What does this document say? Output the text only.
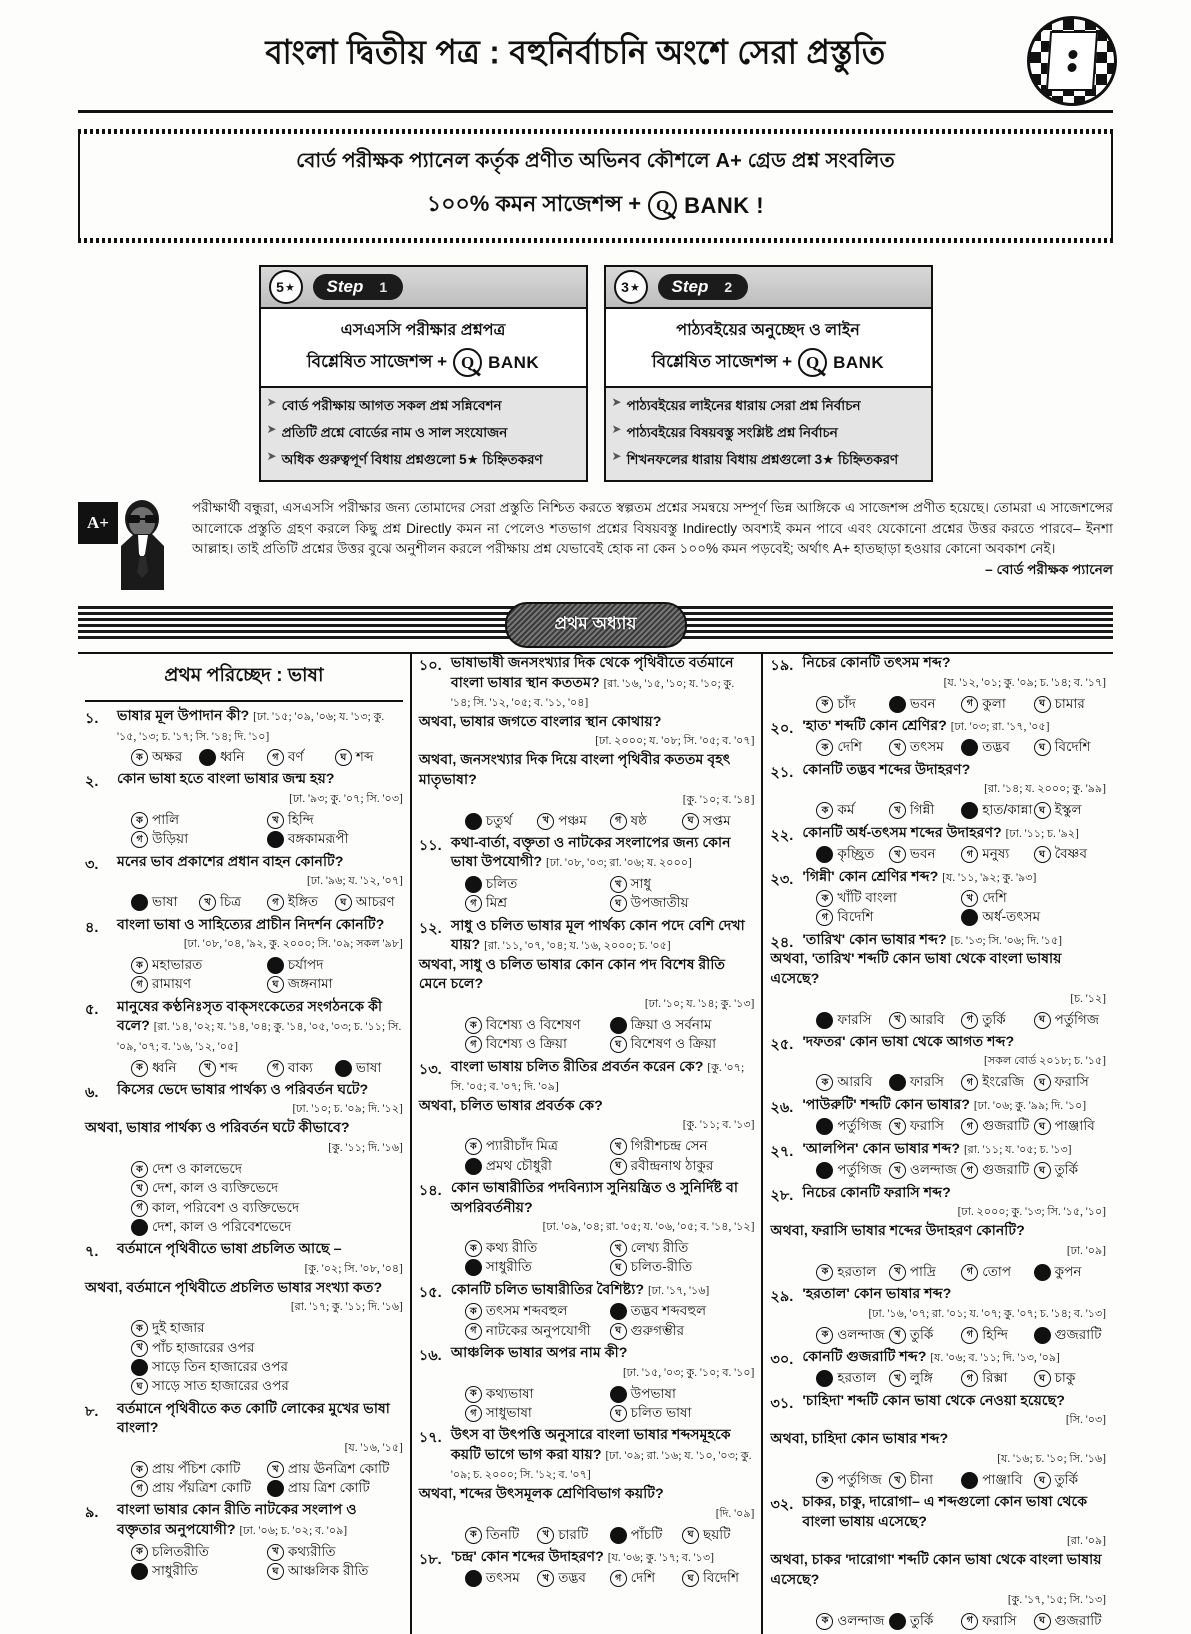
বাংলা দ্বিতীয় পত্র : বহুনির্বাচনি অংশে সেরা প্রস্তুতি
বোর্ড পরীক্ষক প্যানেল কর্তৃক প্রণীত অভিনব কৌশলে A+ গ্রেড প্রশ্ন সংবলিত
১০০% কমন সাজেশন্স + Q BANK !
5 ★ Step 1
এসএসসি পরীক্ষার প্রশ্নপত্র
বিশ্লেষিত সাজেশন্স + Q BANK
➤ বোর্ড পরীক্ষায় আগত সকল প্রশ্ন সন্নিবেশন
➤ প্রতিটি প্রশ্নে বোর্ডের নাম ও সাল সংযোজন
➤ অধিক গুরুত্বপূর্ণ বিধায় প্রশ্নগুলো 5★ চিহ্নিতকরণ
3 ★ Step 2
পাঠ্যবইয়ের অনুচ্ছেদ ও লাইন
বিশ্লেষিত সাজেশন্স + Q BANK
➤ পাঠ্যবইয়ের লাইনের ধারায় সেরা প্রশ্ন নির্বাচন
➤ পাঠ্যবইয়ের বিষয়বস্তু সংশ্লিষ্ট প্রশ্ন নির্বাচন
➤ শিখনফলের ধারায় বিধায় প্রশ্নগুলো 3★ চিহ্নিতকরণ
A+
পরীক্ষার্থী বন্ধুরা, এসএসসি পরীক্ষার জন্য তোমাদের সেরা প্রস্তুতি নিশ্চিত করতে স্বল্পতম প্রশ্নের সমন্বয়ে সম্পূর্ণ ভিন্ন আঙ্গিকে এ সাজেশন্স প্রণীত হয়েছে। তোমরা এ সাজেশন্সের আলোকে প্রস্তুতি গ্রহণ করলে কিছু প্রশ্ন Directly কমন না পেলেও শতভাগ প্রশ্নের বিষয়বস্তু Indirectly অবশ্যই কমন পাবে এবং যেকোনো প্রশ্নের উত্তর করতে পারবে– ইনশা আল্লাহ। তাই প্রতিটি প্রশ্নের উত্তর বুঝে অনুশীলন করলে পরীক্ষায় প্রশ্ন যেভাবেই হোক না কেন ১০০% কমন পড়বেই; অর্থাৎ A+ হাতছাড়া হওয়ার কোনো অবকাশ নেই।
– বোর্ড পরীক্ষক প্যানেল
প্রথম অধ্যায়
প্রথম পরিচ্ছেদ : ভাষা
১.	ভাষার মূল উপাদান কী? [ঢা. '১৫; '০৯, '০৬; য. '১৩; কু. '১৫, '১৩; চ. '১৭; সি. '১৪; দি. '১০]
ক অক্ষর	ধ্বনি	গ বর্ণ	ঘ শব্দ
২.	কোন ভাষা হতে বাংলা ভাষার জন্ম হয়?
[ঢা. '৯৩; কু. '০৭; সি. '০৩]
ক পালি	খ হিন্দি
গ উড়িয়া	বঙ্গকামরূপী
৩.	মনের ভাব প্রকাশের প্রধান বাহন কোনটি?
[ঢা. '৯৬; য. '১২, '০৭]
ভাষা	খ চিত্র	গ ইঙ্গিত	ঘ আচরণ
৪.	বাংলা ভাষা ও সাহিত্যের প্রাচীন নিদর্শন কোনটি?
[ঢা. '০৮, '০৪, '৯২, কু. ২০০০; সি. '০৯; সকল '৯৮]
ক মহাভারত	চর্যাপদ
গ রামায়ণ	ঘ জঙ্গনামা
৫.	মানুষের কণ্ঠনিঃসৃত বাক্‌সংকেতের সংগঠনকে কী বলে? [রা. '১৪, '০২; য. '১৪, '০৪; কু. '১৪, '০৫, '০৩; চ. '১১; সি. '০৯, '০৭; ব. '১৬, '১২, '০৫]
ক ধ্বনি	খ শব্দ	গ বাক্য	ভাষা
৬.	কিসের ভেদে ভাষার পার্থক্য ও পরিবর্তন ঘটে?
[ঢা. '১০; চ. '০৯; দি. '১২]
অথবা, ভাষার পার্থক্য ও পরিবর্তন ঘটে কীভাবে?
[কু. '১১; দি. '১৬]
ক দেশ ও কালভেদে
খ দেশ, কাল ও ব্যক্তিভেদে
গ কাল, পরিবেশ ও ব্যক্তিভেদে
দেশ, কাল ও পরিবেশভেদে
৭.	বর্তমানে পৃথিবীতে ভাষা প্রচলিত আছে –
[কু. '০২; সি. '০৮, '০৪]
অথবা, বর্তমানে পৃথিবীতে প্রচলিত ভাষার সংখ্যা কত?
[রা. '১৭; কু. '১১; দি. '১৬]
ক দুই হাজার
খ পাঁচ হাজারের ওপর
সাড়ে তিন হাজারের ওপর
ঘ সাড়ে সাত হাজারের ওপর
৮.	বর্তমানে পৃথিবীতে কত কোটি লোকের মুখের ভাষা বাংলা?
[য. '১৬, '১৫]
ক প্রায় পঁচিশ কোটি	খ প্রায় ঊনত্রিশ কোটি
গ প্রায় পঁয়ত্রিশ কোটি	প্রায় ত্রিশ কোটি
৯.	বাংলা ভাষার কোন রীতি নাটকের সংলাপ ও বক্তৃতার অনুপযোগী? [ঢা. '০৬; চ. '০২; ব. '০৯]
ক চলিতরীতি	খ কথ্যরীতি
সাধুরীতি	ঘ আঞ্চলিক রীতি
১০. ভাষাভাষী জনসংখ্যার দিক থেকে পৃথিবীতে বর্তমানে বাংলা ভাষার স্থান কততম? [রা. '১৬, '১৫, '১০; য. '১০; কু. '১৪; সি. '১২, '০৫; ব. '১১, '০৪]
অথবা, ভাষার জগতে বাংলার স্থান কোথায়?
[ঢা. ২০০০; য. '০৮; সি. '০৫; ব. '০৭]
অথবা, জনসংখ্যার দিক দিয়ে বাংলা পৃথিবীর কততম বৃহৎ মাতৃভাষা?
[কু. '১০; ব. '১৪]
চতুর্থ	খ পঞ্চম	গ ষষ্ঠ	ঘ সপ্তম
১১. কথা-বার্তা, বক্তৃতা ও নাটকের সংলাপের জন্য কোন ভাষা উপযোগী? [ঢা. '০৮, '০৩; রা. '০৬; য. ২০০০]
চলিত	খ সাধু
গ মিশ্র	ঘ উপজাতীয়
১২. সাধু ও চলিত ভাষার মূল পার্থক্য কোন পদে বেশি দেখা যায়? [রা. '১১, '০৭, '০৪; য. '১৬, ২০০০; চ. '০৫]
অথবা, সাধু ও চলিত ভাষার কোন কোন পদ বিশেষ রীতি মেনে চলে?
[ঢা. '১০; য. '১৪; কু. '১৩]
ক বিশেষ্য ও বিশেষণ	ক্রিয়া ও সর্বনাম
গ বিশেষ্য ও ক্রিয়া	ঘ বিশেষণ ও ক্রিয়া
১৩. বাংলা ভাষায় চলিত রীতির প্রবর্তন করেন কে? [কু. '০৭; সি. '০৫; ব. '০৭; দি. '০৯]
অথবা, চলিত ভাষার প্রবর্তক কে?
[কু. '১১; ব. '১৩]
ক প্যারীচাঁদ মিত্র	খ গিরীশচন্দ্র সেন
প্রমথ চৌধুরী	ঘ রবীন্দ্রনাথ ঠাকুর
১৪. কোন ভাষারীতির পদবিন্যাস সুনিয়ন্ত্রিত ও সুনির্দিষ্ট বা অপরিবর্তনীয়?
[ঢা. '০৯, '০৪; রা. '০৫; য. '০৬, '০৫; ব. '১৪, '১২]
ক কথ্য রীতি	খ লেখ্য রীতি
সাধুরীতি	ঘ চলিত-রীতি
১৫. কোনটি চলিত ভাষারীতির বৈশিষ্ট্য? [ঢা. '১৭, '১৬]
ক তৎসম শব্দবহুল	তদ্ভব শব্দবহুল
গ নাটকের অনুপযোগী	ঘ গুরুগম্ভীর
১৬. আঞ্চলিক ভাষার অপর নাম কী?
[ঢা. '১৫, '০৩; কু. '১০; ব. '১০]
ক কথ্যভাষা	উপভাষা
গ সাধুভাষা	ঘ চলিত ভাষা
১৭. উৎস বা উৎপত্তি অনুসারে বাংলা ভাষার শব্দসমূহকে কয়টি ভাগে ভাগ করা যায়? [ঢা. '০৯; রা. '১৬; য. '১০, '০৩; কু. '০৯; চ. ২০০০; সি. '১২; ব. '০৭]
অথবা, শব্দের উৎসমূলক শ্রেণিবিভাগ কয়টি?
[দি. '০৯]
ক তিনটি	খ চারটি	পাঁচটি	ঘ ছয়টি
১৮. 'চন্দ্র' কোন শব্দের উদাহরণ? [য. '০৬; কু. '১৭; ব. '১৩]
তৎসম	খ তদ্ভব	গ দেশি	ঘ বিদেশি
১৯. নিচের কোনটি তৎসম শব্দ?
[য. '১২, '০১; কু. '০৯; চ. '১৪; ব. '১৭]
ক চাঁদ	ভবন	গ কুলা	ঘ চামার
২০. 'হাত' শব্দটি কোন শ্রেণির? [ঢা. '০৩; রা. '১৭, '০৫]
ক দেশি	খ তৎসম	তদ্ভব	ঘ বিদেশি
২১. কোনটি তদ্ভব শব্দের উদাহরণ?
[রা. '১৪; য. ২০০০; কু. '৯৯]
ক কর্ম	খ গিন্নী	হাত/কান্না ঘ ইস্কুল
২২. কোনটি অর্ধ-তৎসম শব্দের উদাহরণ? [ঢা. '১১; চ. '৯২]
কৃচ্ছ্রিত	খ ভবন	গ মনুষ্য	ঘ বৈষ্ণব
২৩. 'গিন্নী' কোন শ্রেণির শব্দ? [য. '১১, '৯২; কু. '৯৩]
ক খাঁটি বাংলা	খ দেশি
গ বিদেশি	অর্ধ-তৎসম
২৪. 'তারিখ' কোন ভাষার শব্দ? [চ. '১৩; সি. '০৬; দি. '১৫]
অথবা, 'তারিখ' শব্দটি কোন ভাষা থেকে বাংলা ভাষায় এসেছে?
[চ. '১২]
ফারসি	খ আরবি	গ তুর্কি	ঘ পর্তুগিজ
২৫. 'দফতর' কোন ভাষা থেকে আগত শব্দ?
[সকল বোর্ড ২০১৮; চ. '১৫]
ক আরবি	ফারসি	গ ইংরেজি	ঘ ফরাসি
২৬. 'পাউরুটি' শব্দটি কোন ভাষার? [ঢা. '০৬; কু. '৯৯; দি. '১০]
পর্তুগিজ	খ ফরাসি	গ গুজরাটি	ঘ পাঞ্জাবি
২৭. 'আলপিন' কোন ভাষার শব্দ? [রা. '১১; য. '০৫; চ. '১৩]
পর্তুগিজ	খ ওলন্দাজ	গ গুজরাটি	ঘ তুর্কি
২৮. নিচের কোনটি ফরাসি শব্দ?
[ঢা. ২০০০; কু. '১৩; সি. '১৫, '১০]
অথবা, ফরাসি ভাষার শব্দের উদাহরণ কোনটি?
[ঢা. '০৯]
ক হরতাল	খ পাদ্রি	গ তোপ	কুপন
২৯. 'হরতাল' কোন ভাষার শব্দ?
[ঢা. '১৬, '০৭; রা. '০১; য. '০৭; কু. '০৭; চ. '১৪; ব. '১৩]
ক ওলন্দাজ	খ তুর্কি	গ হিন্দি	গুজরাটি
৩০. কোনটি গুজরাটি শব্দ? [য. '০৬; ব. '১১; দি. '১৩, '০৯]
হরতাল	খ লুঙ্গি	গ রিক্সা	ঘ চাকু
৩১. 'চাহিদা' শব্দটি কোন ভাষা থেকে নেওয়া হয়েছে?
[সি. '০৩]
অথবা, চাহিদা কোন ভাষার শব্দ?
[য. '১৬; চ. '১০; সি. '১৬]
ক পর্তুগিজ	খ চীনা	পাঞ্জাবি	ঘ তুর্কি
৩২. চাকর, চাকু, দারোগা– এ শব্দগুলো কোন ভাষা থেকে বাংলা ভাষায় এসেছে?
[রা. '০৯]
অথবা, চাকর 'দারোগা' শব্দটি কোন ভাষা থেকে বাংলা ভাষায় এসেছে?
[কু. '১৭, '১৫; সি. '১৩]
ক ওলন্দাজ তুর্কি	গ ফরাসি	ঘ গুজরাটি
